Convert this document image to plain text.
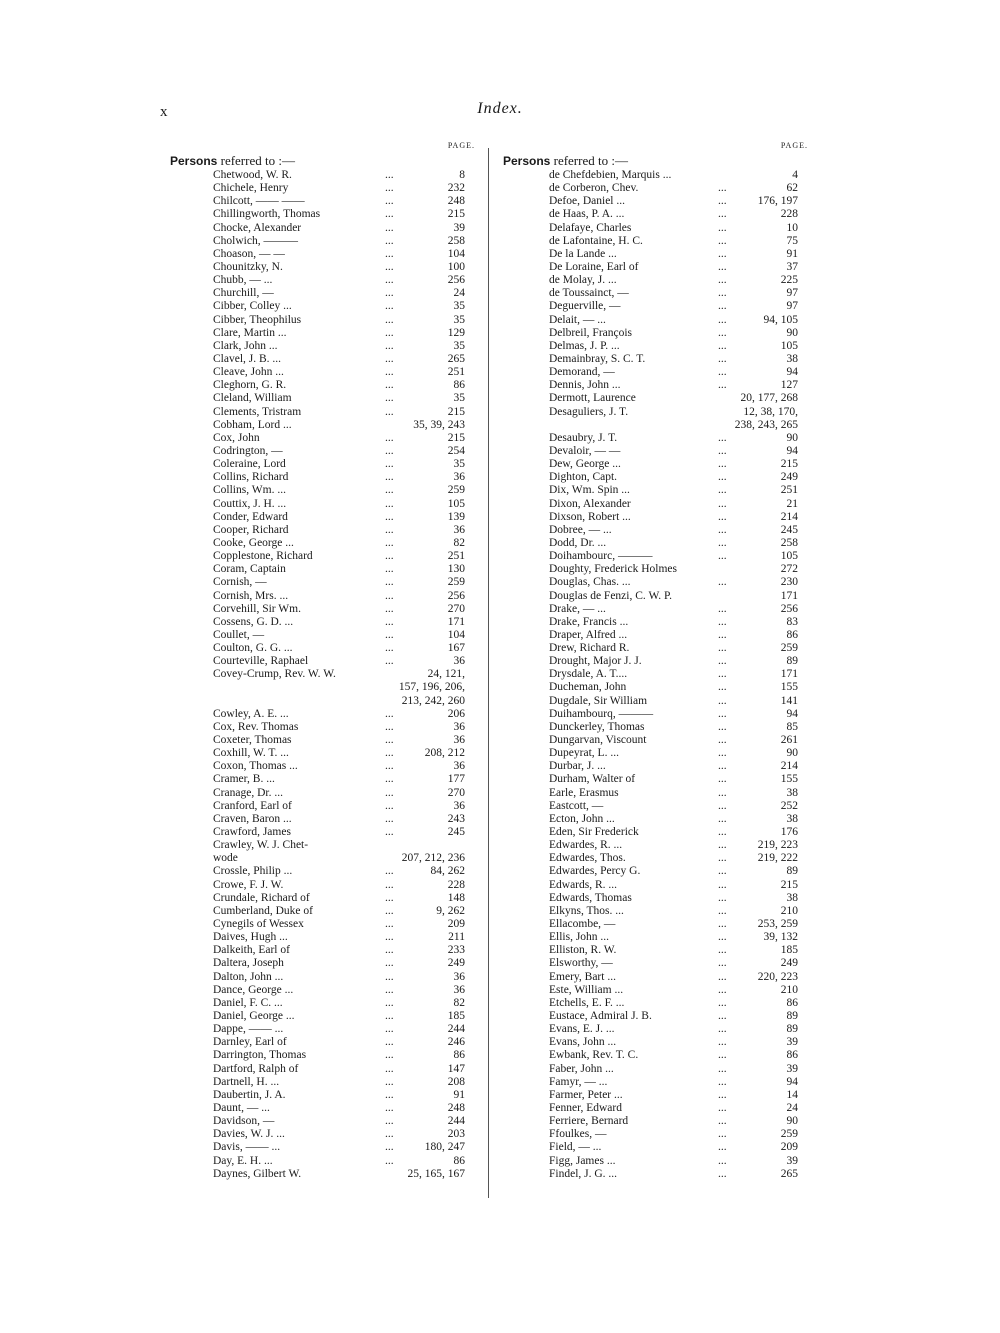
x	Index.
PAGE.
Persons referred to :—
Chetwood, W. R.	...	8
Chichele, Henry	...	232
Chilcott, —— ——	...	248
Chillingworth, Thomas	...	215
Chocke, Alexander	...	39
Cholwich, ———	...	258
Choason, — —	...	104
Chounitzky, N.	...	100
Chubb, — ...	...	256
Churchill, —	...	24
Cibber, Colley ...	...	35
Cibber, Theophilus	...	35
Clare, Martin ...	...	129
Clark, John ...	...	35
Clavel, J. B. ...	...	265
Cleave, John ...	...	251
Cleghorn, G. R.	...	86
Cleland, William	...	35
Clements, Tristram	...	215
Cobham, Lord ...	35, 39, 243
Cox, John	...	215
Codrington, —	...	254
Coleraine, Lord	...	35
Collins, Richard	...	36
Collins, Wm. ...	...	259
Couttix, J. H. ...	...	105
Conder, Edward	...	139
Cooper, Richard	...	36
Cooke, George ...	...	82
Copplestone, Richard	...	251
Coram, Captain	...	130
Cornish, —	...	259
Cornish, Mrs. ...	...	256
Corvehill, Sir Wm.	...	270
Cossens, G. D. ...	...	171
Coullet, —	...	104
Coulton, G. G. ...	...	167
Courteville, Raphael	...	36
Covey-Crump, Rev. W. W.	24, 121,
157, 196, 206,
213, 242, 260
Cowley, A. E. ...	...	206
Cox, Rev. Thomas	...	36
Coxeter, Thomas	...	36
Coxhill, W. T. ...	...	208, 212
Coxon, Thomas ...	...	36
Cramer, B. ...	...	177
Cranage, Dr. ...	...	270
Cranford, Earl of	...	36
Craven, Baron ...	...	243
Crawford, James	...	245
Crawley, W. J. Chet-
wode	207, 212, 236
Crossle, Philip ...	...	84, 262
Crowe, F. J. W.	...	228
Crundale, Richard of	...	148
Cumberland, Duke of	...	9, 262
Cynegils of Wessex	...	209
Daives, Hugh ...	...	211
Dalkeith, Earl of	...	233
Daltera, Joseph	...	249
Dalton, John ...	...	36
Dance, George ...	...	36
Daniel, F. C. ...	...	82
Daniel, George ...	...	185
Dappe, —— ...	...	244
Darnley, Earl of	...	246
Darrington, Thomas	...	86
Dartford, Ralph of	...	147
Dartnell, H. ...	...	208
Daubertin, J. A.	...	91
Daunt, — ...	...	248
Davidson, —	...	244
Davies, W. J. ...	...	203
Davis, —— ...	...	180, 247
Day, E. H. ...	...	86
Daynes, Gilbert W.	25, 165, 167
PAGE.
Persons referred to :—
de Chefdebien, Marquis ...	4
de Corberon, Chev.	...	62
Defoe, Daniel ...	...	176, 197
de Haas, P. A. ...	...	228
Delafaye, Charles	...	10
de Lafontaine, H. C.	...	75
De la Lande ...	...	91
De Loraine, Earl of	...	37
de Molay, J. ...	...	225
de Toussainct, —	...	97
Deguerville, —	...	97
Delait, — ...	...	94, 105
Delbreil, François	...	90
Delmas, J. P. ...	...	105
Demainbray, S. C. T.	...	38
Demorand, —	...	94
Dennis, John ...	...	127
Dermott, Laurence	20, 177, 268
Desaguliers, J. T.	12, 38, 170,
238, 243, 265
Desaubry, J. T.	...	90
Devaloir, — —	...	94
Dew, George ...	...	215
Dighton, Capt.	...	249
Dix, Wm. Spin ...	...	251
Dixon, Alexander	...	21
Dixson, Robert ...	...	214
Dobree, — ...	...	245
Dodd, Dr. ...	...	258
Doihambourc, ———	...	105
Doughty, Frederick Holmes	272
Douglas, Chas. ...	...	230
Douglas de Fenzi, C. W. P.	171
Drake, — ...	...	256
Drake, Francis ...	...	83
Draper, Alfred ...	...	86
Drew, Richard R.	...	259
Drought, Major J. J.	...	89
Drysdale, A. T....	...	171
Ducheman, John	...	155
Dugdale, Sir William	...	141
Duihambourq, ———	...	94
Dunckerley, Thomas	...	85
Dungarvan, Viscount	...	261
Dupeyrat, L. ...	...	90
Durbar, J. ...	...	214
Durham, Walter of	...	155
Earle, Erasmus	...	38
Eastcott, —	...	252
Ecton, John ...	...	38
Eden, Sir Frederick	...	176
Edwardes, R. ...	...	219, 223
Edwardes, Thos.	...	219, 222
Edwardes, Percy G.	...	89
Edwards, R. ...	...	215
Edwards, Thomas	...	38
Elkyns, Thos. ...	...	210
Ellacombe, —	...	253, 259
Ellis, John ...	...	39, 132
Elliston, R. W.	...	185
Elsworthy, —	...	249
Emery, Bart ...	...	220, 223
Este, William ...	...	210
Etchells, E. F. ...	...	86
Eustace, Admiral J. B.	...	89
Evans, E. J. ...	...	89
Evans, John ...	...	39
Ewbank, Rev. T. C.	...	86
Faber, John ...	...	39
Famyr, — ...	...	94
Farmer, Peter ...	...	14
Fenner, Edward	...	24
Ferriere, Bernard	...	90
Ffoulkes, —	...	259
Field, — ...	...	209
Figg, James ...	...	39
Findel, J. G. ...	...	265
